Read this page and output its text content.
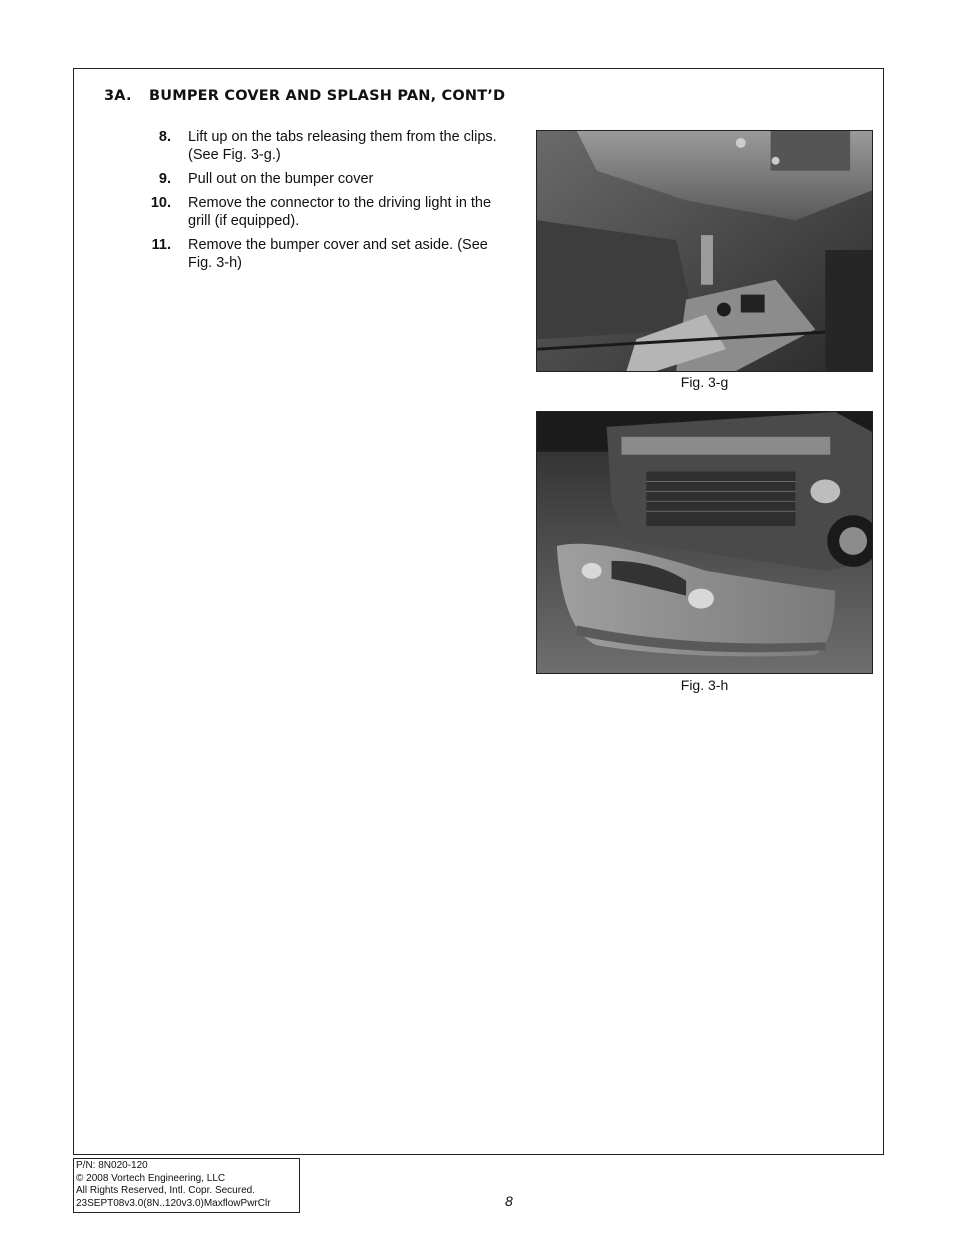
3A. BUMPER COVER AND SPLASH PAN, CONT’D
8.	Lift up on the tabs releasing them from the clips. (See Fig. 3-g.)
9.	Pull out on the bumper cover
10.	Remove the connector to the driving light in the grill (if equipped).
11.	Remove the bumper cover and set aside. (See Fig. 3-h)
Fig. 3-g
Fig. 3-h
P/N: 8N020-120
© 2008 Vortech Engineering, LLC
All Rights Reserved, Intl. Copr. Secured.
23SEPT08v3.0(8N..120v3.0)MaxflowPwrClr	8
